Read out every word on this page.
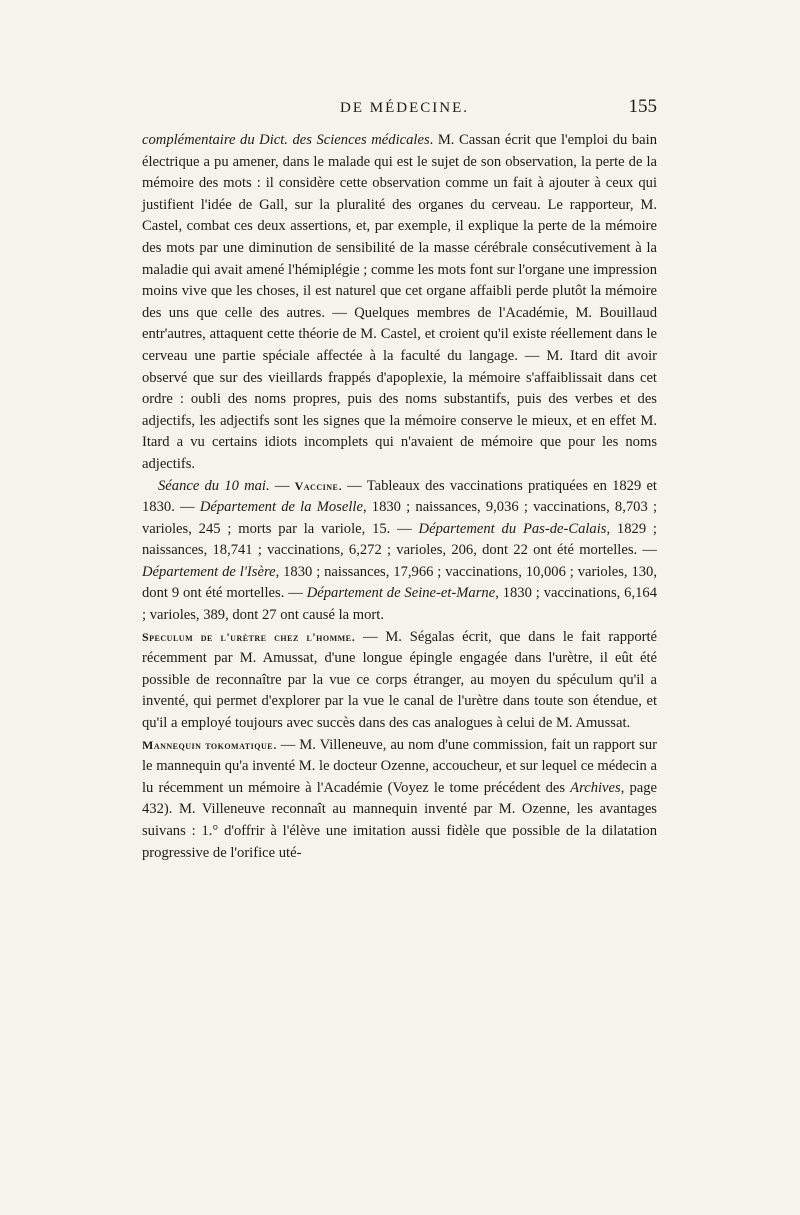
DE MÉDECINE.	155

complémentaire du Dict. des Sciences médicales. M. Cassan écrit que l'emploi du bain électrique a pu amener, dans le malade qui est le sujet de son observation, la perte de la mémoire des mots : il considère cette observation comme un fait à ajouter à ceux qui justifient l'idée de Gall, sur la pluralité des organes du cerveau. Le rapporteur, M. Castel, combat ces deux assertions, et, par exemple, il explique la perte de la mémoire des mots par une diminution de sensibilité de la masse cérébrale consécutivement à la maladie qui avait amené l'hémiplégie ; comme les mots font sur l'organe une impression moins vive que les choses, il est naturel que cet organe affaibli perde plutôt la mémoire des uns que celle des autres. — Quelques membres de l'Académie, M. Bouillaud entr'autres, attaquent cette théorie de M. Castel, et croient qu'il existe réellement dans le cerveau une partie spéciale affectée à la faculté du langage. — M. Itard dit avoir observé que sur des vieillards frappés d'apoplexie, la mémoire s'affaiblissait dans cet ordre : oubli des noms propres, puis des noms substantifs, puis des verbes et des adjectifs, les adjectifs sont les signes que la mémoire conserve le mieux, et en effet M. Itard a vu certains idiots incomplets qui n'avaient de mémoire que pour les noms adjectifs.

Séance du 10 mai. — Vaccine. — Tableaux des vaccinations pratiquées en 1829 et 1830. — Département de la Moselle, 1830 ; naissances, 9,036 ; vaccinations, 8,703 ; varioles, 245 ; morts par la variole, 15. — Département du Pas-de-Calais, 1829 ; naissances, 18,741 ; vaccinations, 6,272 ; varioles, 206, dont 22 ont été mortelles. — Département de l'Isère, 1830 ; naissances, 17,966 ; vaccinations, 10,006 ; varioles, 130, dont 9 ont été mortelles. — Département de Seine-et-Marne, 1830 ; vaccinations, 6,164 ; varioles, 389, dont 27 ont causé la mort.

Speculum de l'urètre chez l'homme. — M. Ségalas écrit, que dans le fait rapporté récemment par M. Amussat, d'une longue épingle engagée dans l'urètre, il eût été possible de reconnaître par la vue ce corps étranger, au moyen du spéculum qu'il a inventé, qui permet d'explorer par la vue le canal de l'urètre dans toute son étendue, et qu'il a employé toujours avec succès dans des cas analogues à celui de M. Amussat.

Mannequin tokomatique. — M. Villeneuve, au nom d'une commission, fait un rapport sur le mannequin qu'a inventé M. le docteur Ozenne, accoucheur, et sur lequel ce médecin a lu récemment un mémoire à l'Académie (Voyez le tome précédent des Archives, page 432). M. Villeneuve reconnaît au mannequin inventé par M. Ozenne, les avantages suivans : 1.° d'offrir à l'élève une imitation aussi fidèle que possible de la dilatation progressive de l'orifice uté-
